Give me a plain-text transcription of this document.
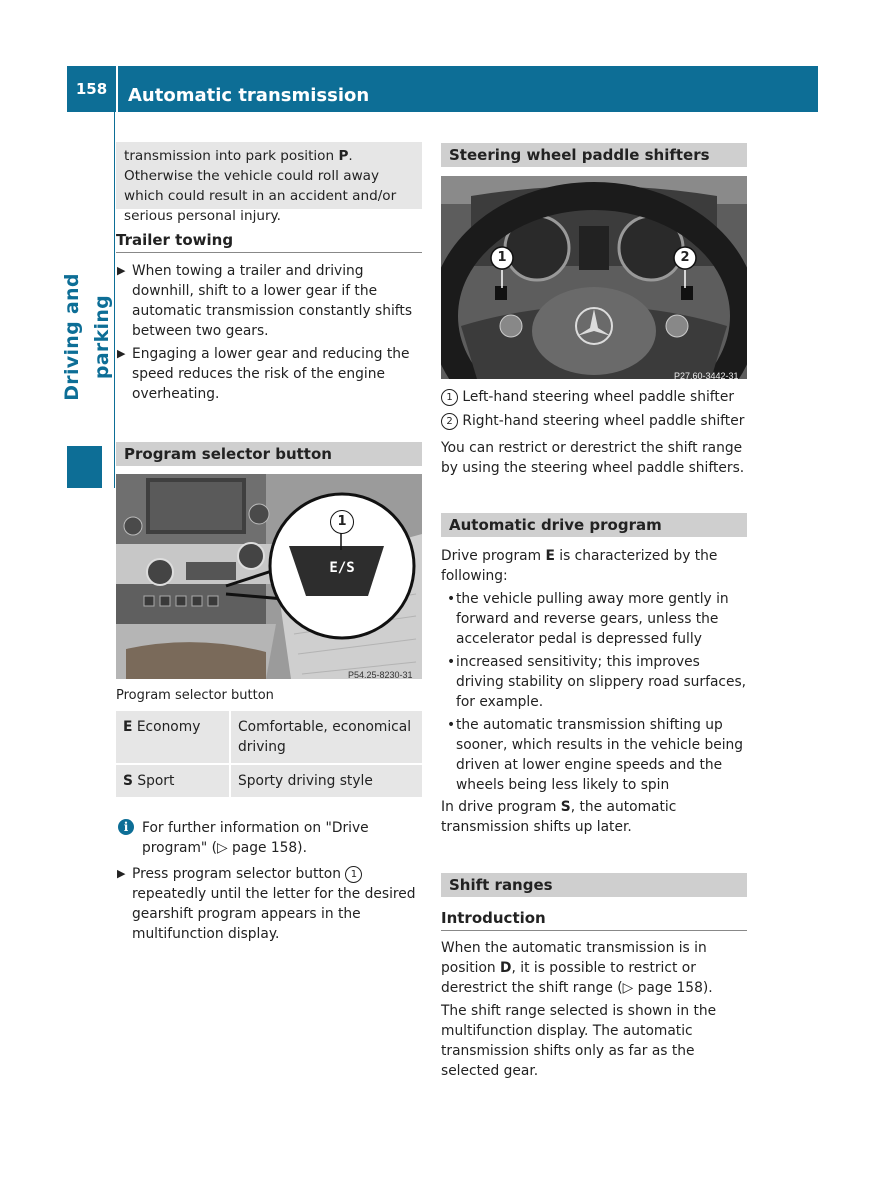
158	Automatic transmission
Driving and parking
transmission into park position P. Otherwise the vehicle could roll away which could result in an accident and/or serious personal injury.
Trailer towing
▶ When towing a trailer and driving downhill, shift to a lower gear if the automatic transmission constantly shifts between two gears.
▶ Engaging a lower gear and reducing the speed reduces the risk of the engine overheating.
Program selector button
1
E/S
P54.25-8230-31
Program selector button
E Economy	Comfortable, economical driving
S Sport	Sporty driving style
i For further information on "Drive program" (▷ page 158).

▶ Press program selector button 1 repeatedly until the letter for the desired gearshift program appears in the multifunction display.
Steering wheel paddle shifters
1	2
P27.60-3442-31

1 Left-hand steering wheel paddle shifter

2 Right-hand steering wheel paddle shifter

You can restrict or derestrict the shift range by using the steering wheel paddle shifters.

Automatic drive program

Drive program E is characterized by the following:

• the vehicle pulling away more gently in forward and reverse gears, unless the accelerator pedal is depressed fully
• increased sensitivity; this improves driving stability on slippery road surfaces, for example.
• the automatic transmission shifting up sooner, which results in the vehicle being driven at lower engine speeds and the wheels being less likely to spin

In drive program S, the automatic transmission shifts up later.

Shift ranges
Introduction

When the automatic transmission is in position D, it is possible to restrict or derestrict the shift range (▷ page 158).

The shift range selected is shown in the multifunction display. The automatic transmission shifts only as far as the selected gear.
